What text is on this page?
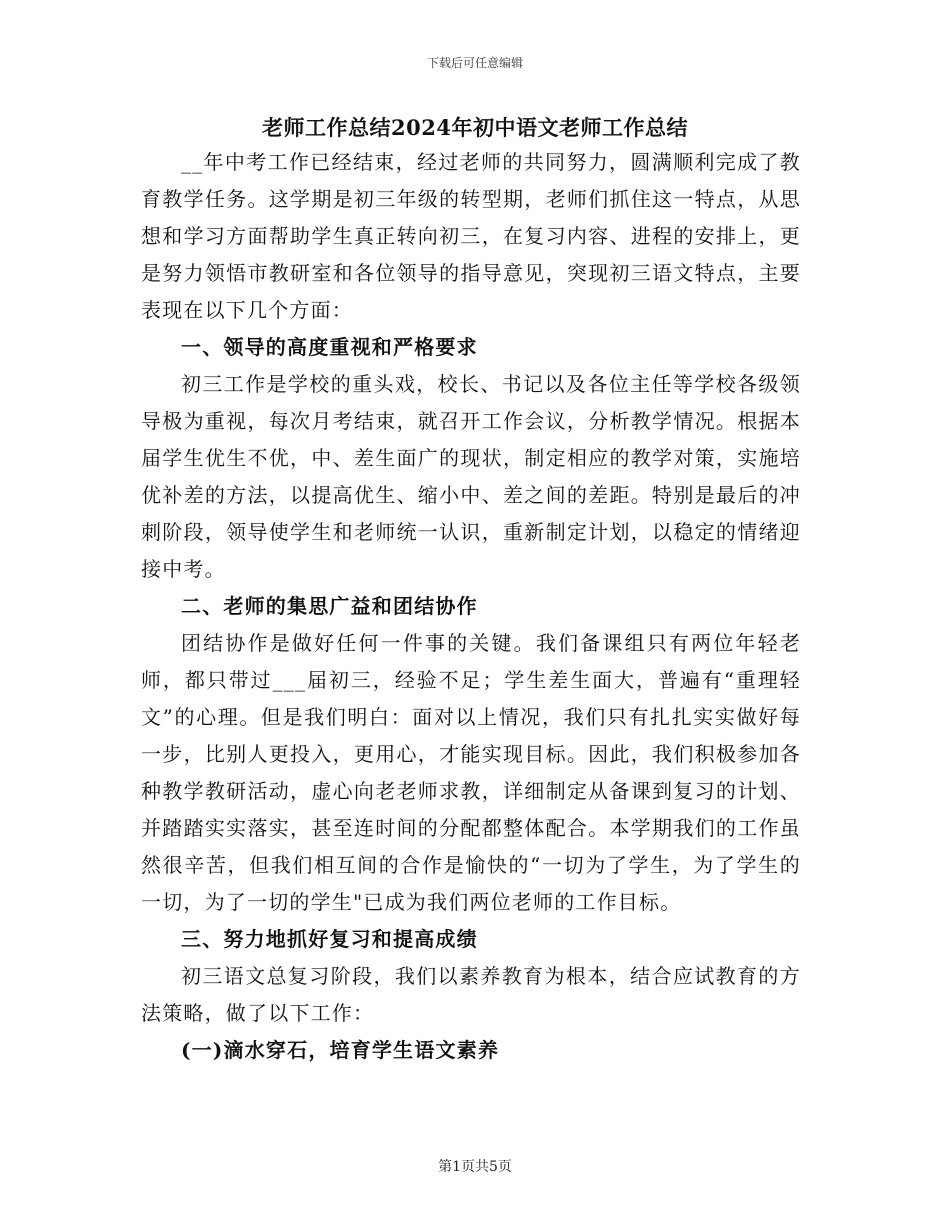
下载后可任意编辑
老师工作总结2024年初中语文老师工作总结

__年中考工作已经结束，经过老师的共同努力，圆满顺利完成了教育教学任务。这学期是初三年级的转型期，老师们抓住这一特点，从思想和学习方面帮助学生真正转向初三，在复习内容、进程的安排上，更是努力领悟市教研室和各位领导的指导意见，突现初三语文特点，主要表现在以下几个方面：

一、领导的高度重视和严格要求

初三工作是学校的重头戏，校长、书记以及各位主任等学校各级领导极为重视，每次月考结束，就召开工作会议，分析教学情况。根据本届学生优生不优，中、差生面广的现状，制定相应的教学对策，实施培优补差的方法，以提高优生、缩小中、差之间的差距。特别是最后的冲刺阶段，领导使学生和老师统一认识，重新制定计划，以稳定的情绪迎接中考。

二、老师的集思广益和团结协作

团结协作是做好任何一件事的关键。我们备课组只有两位年轻老师，都只带过___届初三，经验不足；学生差生面大，普遍有“重理轻文”的心理。但是我们明白：面对以上情况，我们只有扎扎实实做好每一步，比别人更投入，更用心，才能实现目标。因此，我们积极参加各种教学教研活动，虚心向老老师求教，详细制定从备课到复习的计划、并踏踏实实落实，甚至连时间的分配都整体配合。本学期我们的工作虽然很辛苦，但我们相互间的合作是愉快的“一切为了学生，为了学生的一切，为了一切的学生"已成为我们两位老师的工作目标。

三、努力地抓好复习和提高成绩

初三语文总复习阶段，我们以素养教育为根本，结合应试教育的方法策略，做了以下工作：

(一)滴水穿石，培育学生语文素养

第1页共5页
